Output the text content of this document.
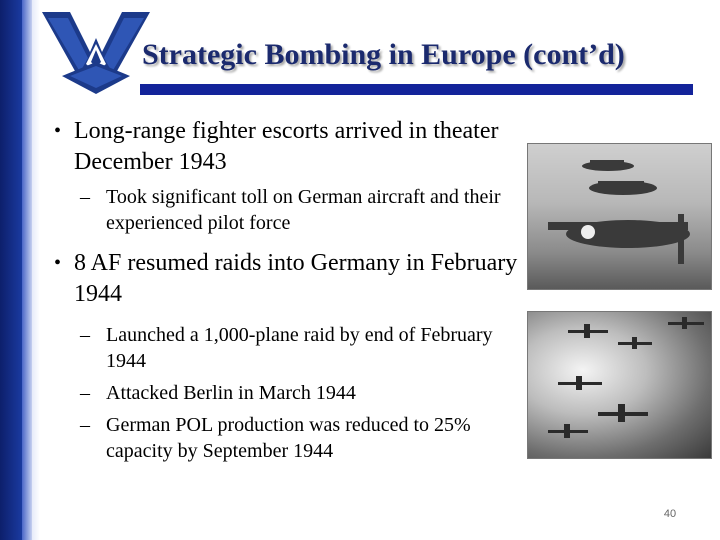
Strategic Bombing in Europe (cont’d)
• Long-range fighter escorts arrived in theater December 1943
– Took significant toll on German aircraft and their experienced pilot force
• 8 AF resumed raids into Germany in February 1944
– Launched a 1,000-plane raid by end of February 1944
– Attacked Berlin in March 1944
– German POL production was reduced to 25% capacity by September 1944
40
